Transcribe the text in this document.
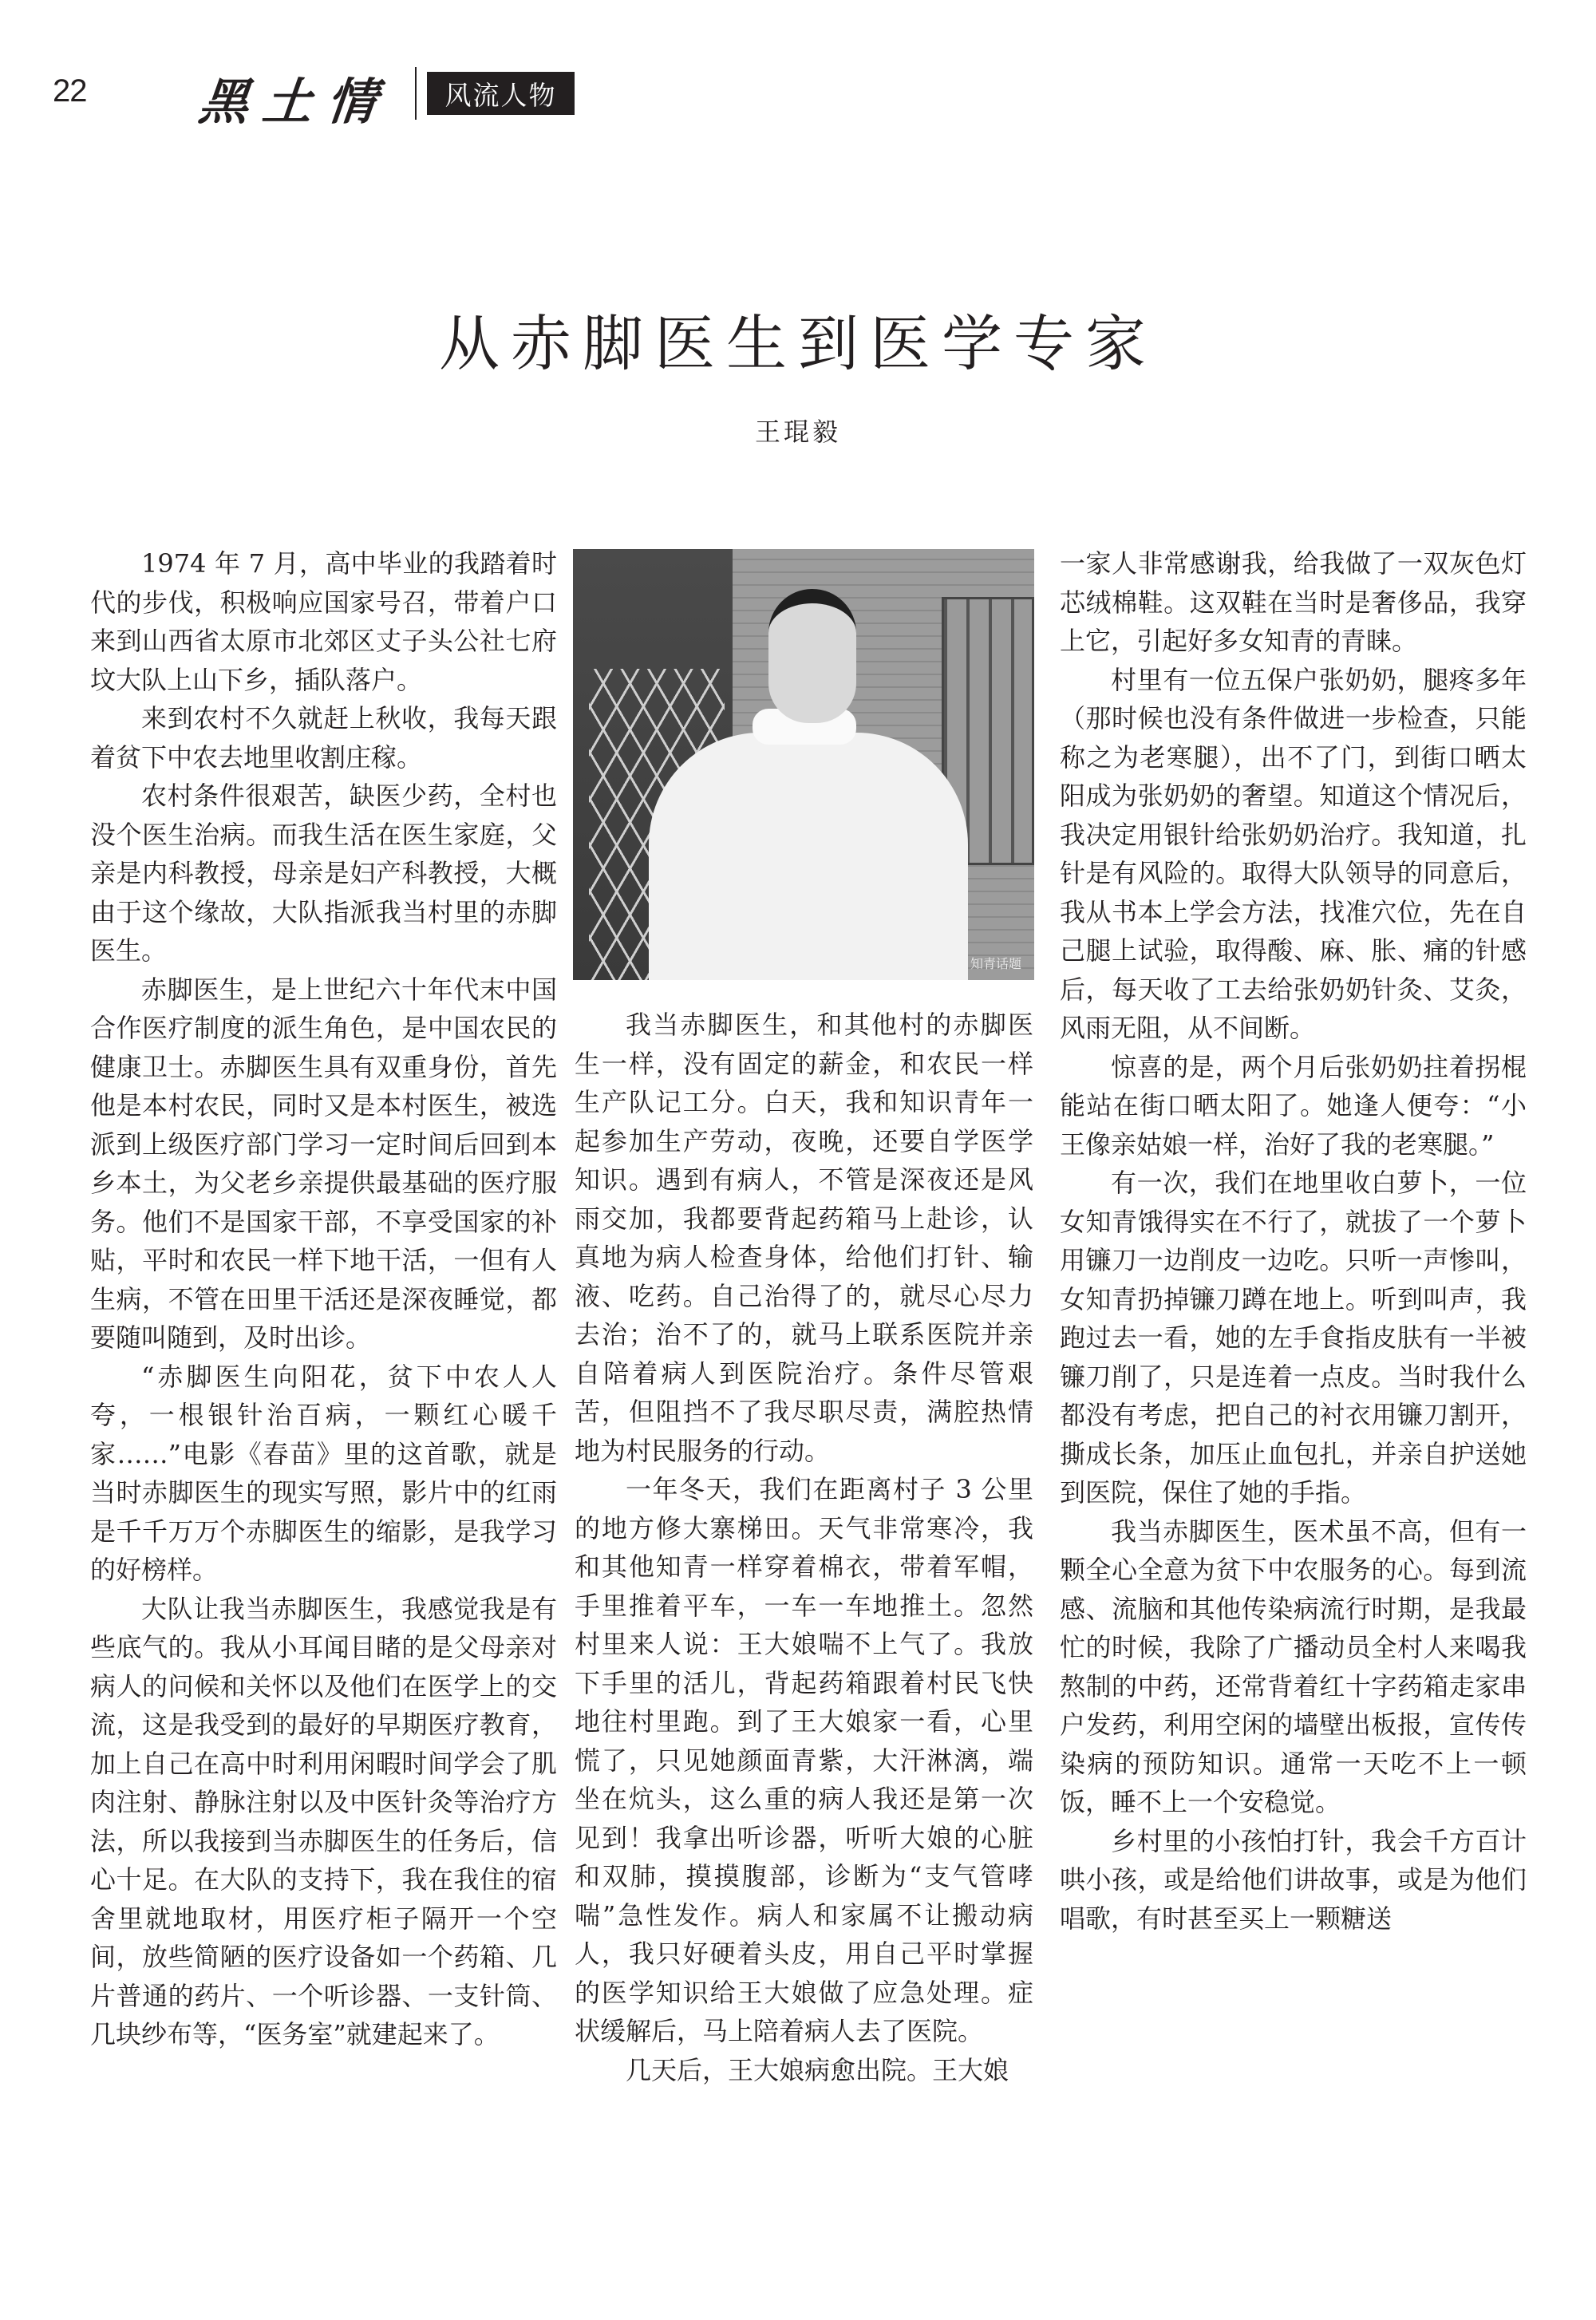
22 黑土情	风流人物
从赤脚医生到医学专家
王琨毅

1974 年 7 月，高中毕业的我踏着时代的步伐，积极响应国家号召，带着户口来到山西省太原市北郊区丈子头公社七府坟大队上山下乡，插队落户。

来到农村不久就赶上秋收，我每天跟着贫下中农去地里收割庄稼。

农村条件很艰苦，缺医少药，全村也没个医生治病。而我生活在医生家庭，父亲是内科教授，母亲是妇产科教授，大概由于这个缘故，大队指派我当村里的赤脚医生。

赤脚医生，是上世纪六十年代末中国合作医疗制度的派生角色，是中国农民的健康卫士。赤脚医生具有双重身份，首先他是本村农民，同时又是本村医生，被选派到上级医疗部门学习一定时间后回到本乡本土，为父老乡亲提供最基础的医疗服务。他们不是国家干部，不享受国家的补贴，平时和农民一样下地干活，一但有人生病，不管在田里干活还是深夜睡觉，都要随叫随到，及时出诊。

“赤脚医生向阳花，贫下中农人人夸，一根银针治百病，一颗红心暖千家……”电影《春苗》里的这首歌，就是当时赤脚医生的现实写照，影片中的红雨是千千万万个赤脚医生的缩影，是我学习的好榜样。

大队让我当赤脚医生，我感觉我是有些底气的。我从小耳闻目睹的是父母亲对病人的问候和关怀以及他们在医学上的交流，这是我受到的最好的早期医疗教育，加上自己在高中时利用闲暇时间学会了肌肉注射、静脉注射以及中医针灸等治疗方法，所以我接到当赤脚医生的任务后，信心十足。在大队的支持下，我在我住的宿舍里就地取材，用医疗柜子隔开一个空间，放些简陋的医疗设备如一个药箱、几片普通的药片、一个听诊器、一支针筒、几块纱布等，“医务室”就建起来了。

知青话题

我当赤脚医生，和其他村的赤脚医生一样，没有固定的薪金，和农民一样生产队记工分。白天，我和知识青年一起参加生产劳动，夜晚，还要自学医学知识。遇到有病人，不管是深夜还是风雨交加，我都要背起药箱马上赴诊，认真地为病人检查身体，给他们打针、输液、吃药。自己治得了的，就尽心尽力去治；治不了的，就马上联系医院并亲自陪着病人到医院治疗。条件尽管艰苦，但阻挡不了我尽职尽责，满腔热情地为村民服务的行动。

一年冬天，我们在距离村子 3 公里的地方修大寨梯田。天气非常寒冷，我和其他知青一样穿着棉衣，带着军帽，手里推着平车，一车一车地推土。忽然村里来人说：王大娘喘不上气了。我放下手里的活儿，背起药箱跟着村民飞快地往村里跑。到了王大娘家一看，心里慌了，只见她颜面青紫，大汗淋漓，端坐在炕头，这么重的病人我还是第一次见到！我拿出听诊器，听听大娘的心脏和双肺，摸摸腹部，诊断为“支气管哮喘”急性发作。病人和家属不让搬动病人，我只好硬着头皮，用自己平时掌握的医学知识给王大娘做了应急处理。症状缓解后，马上陪着病人去了医院。

几天后，王大娘病愈出院。王大娘

一家人非常感谢我，给我做了一双灰色灯芯绒棉鞋。这双鞋在当时是奢侈品，我穿上它，引起好多女知青的青睐。

村里有一位五保户张奶奶，腿疼多年（那时候也没有条件做进一步检查，只能称之为老寒腿），出不了门，到街口晒太阳成为张奶奶的奢望。知道这个情况后，我决定用银针给张奶奶治疗。我知道，扎针是有风险的。取得大队领导的同意后，我从书本上学会方法，找准穴位，先在自己腿上试验，取得酸、麻、胀、痛的针感后，每天收了工去给张奶奶针灸、艾灸，风雨无阻，从不间断。

惊喜的是，两个月后张奶奶拄着拐棍能站在街口晒太阳了。她逢人便夸：“小王像亲姑娘一样，治好了我的老寒腿。”

有一次，我们在地里收白萝卜，一位女知青饿得实在不行了，就拔了一个萝卜用镰刀一边削皮一边吃。只听一声惨叫，女知青扔掉镰刀蹲在地上。听到叫声，我跑过去一看，她的左手食指皮肤有一半被镰刀削了，只是连着一点皮。当时我什么都没有考虑，把自己的衬衣用镰刀割开，撕成长条，加压止血包扎，并亲自护送她到医院，保住了她的手指。

我当赤脚医生，医术虽不高，但有一颗全心全意为贫下中农服务的心。每到流感、流脑和其他传染病流行时期，是我最忙的时候，我除了广播动员全村人来喝我熬制的中药，还常背着红十字药箱走家串户发药，利用空闲的墙壁出板报，宣传传染病的预防知识。通常一天吃不上一顿饭，睡不上一个安稳觉。

乡村里的小孩怕打针，我会千方百计哄小孩，或是给他们讲故事，或是为他们唱歌，有时甚至买上一颗糖送
